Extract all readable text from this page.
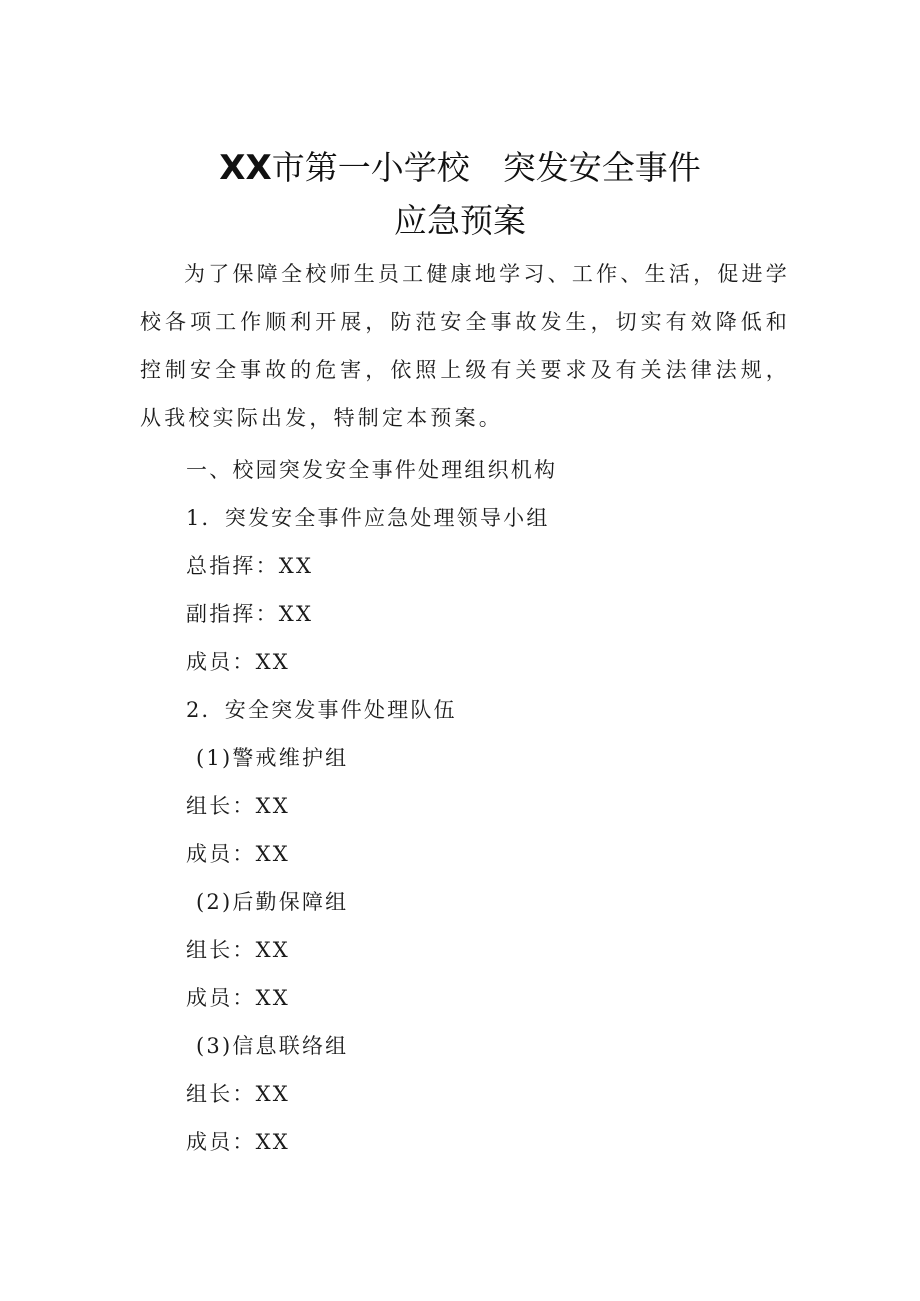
XX市第一小学校　突发安全事件
应急预案
为了保障全校师生员工健康地学习、工作、生活，促进学校各项工作顺利开展，防范安全事故发生，切实有效降低和控制安全事故的危害，依照上级有关要求及有关法律法规，从我校实际出发，特制定本预案。
一、校园突发安全事件处理组织机构
1．突发安全事件应急处理领导小组
总指挥：XX
副指挥：XX
成员：XX
2．安全突发事件处理队伍
(1)警戒维护组
组长：XX
成员：XX
(2)后勤保障组
组长：XX
成员：XX
(3)信息联络组
组长：XX
成员：XX
